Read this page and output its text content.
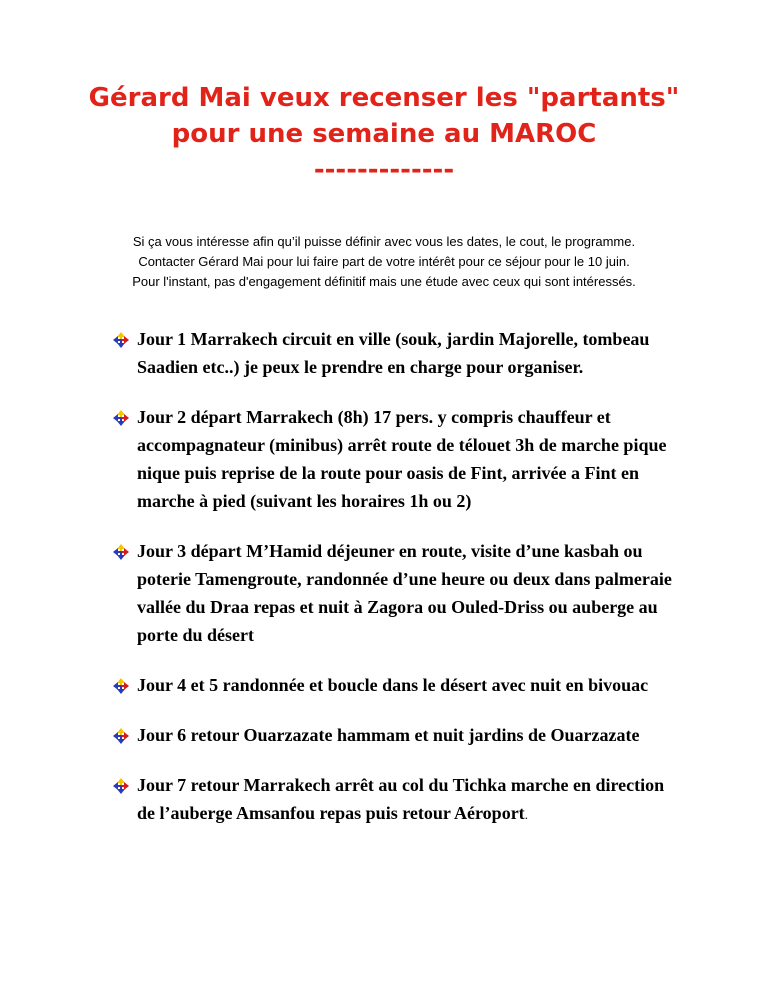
Gérard Mai veux recenser les "partants"
pour une semaine au MAROC
-------------
Si ça vous intéresse afin qu’il puisse définir avec vous les dates, le cout, le programme.
Contacter Gérard Mai pour lui faire part de votre intérêt pour ce séjour pour le 10 juin.
Pour l'instant, pas d'engagement définitif mais une étude avec ceux qui sont intéressés.
Jour 1 Marrakech circuit en ville (souk, jardin Majorelle, tombeau Saadien etc..) je peux le prendre en charge pour organiser.
Jour 2 départ Marrakech (8h) 17 pers. y compris chauffeur et accompagnateur (minibus) arrêt route de télouet 3h de marche pique nique puis reprise de la route pour oasis de Fint, arrivée a Fint en marche à pied (suivant les horaires 1h ou 2)
Jour 3 départ M’Hamid déjeuner en route, visite d’une kasbah ou poterie Tamengroute, randonnée d’une heure ou deux dans palmeraie vallée du Draa repas et nuit à Zagora ou Ouled-Driss ou auberge au porte du désert
Jour 4 et 5 randonnée et boucle dans le désert avec nuit en bivouac
Jour 6 retour Ouarzazate hammam et nuit jardins de Ouarzazate
Jour 7 retour Marrakech arrêt au col du Tichka marche en direction de l’auberge Amsanfou repas puis retour Aéroport.
